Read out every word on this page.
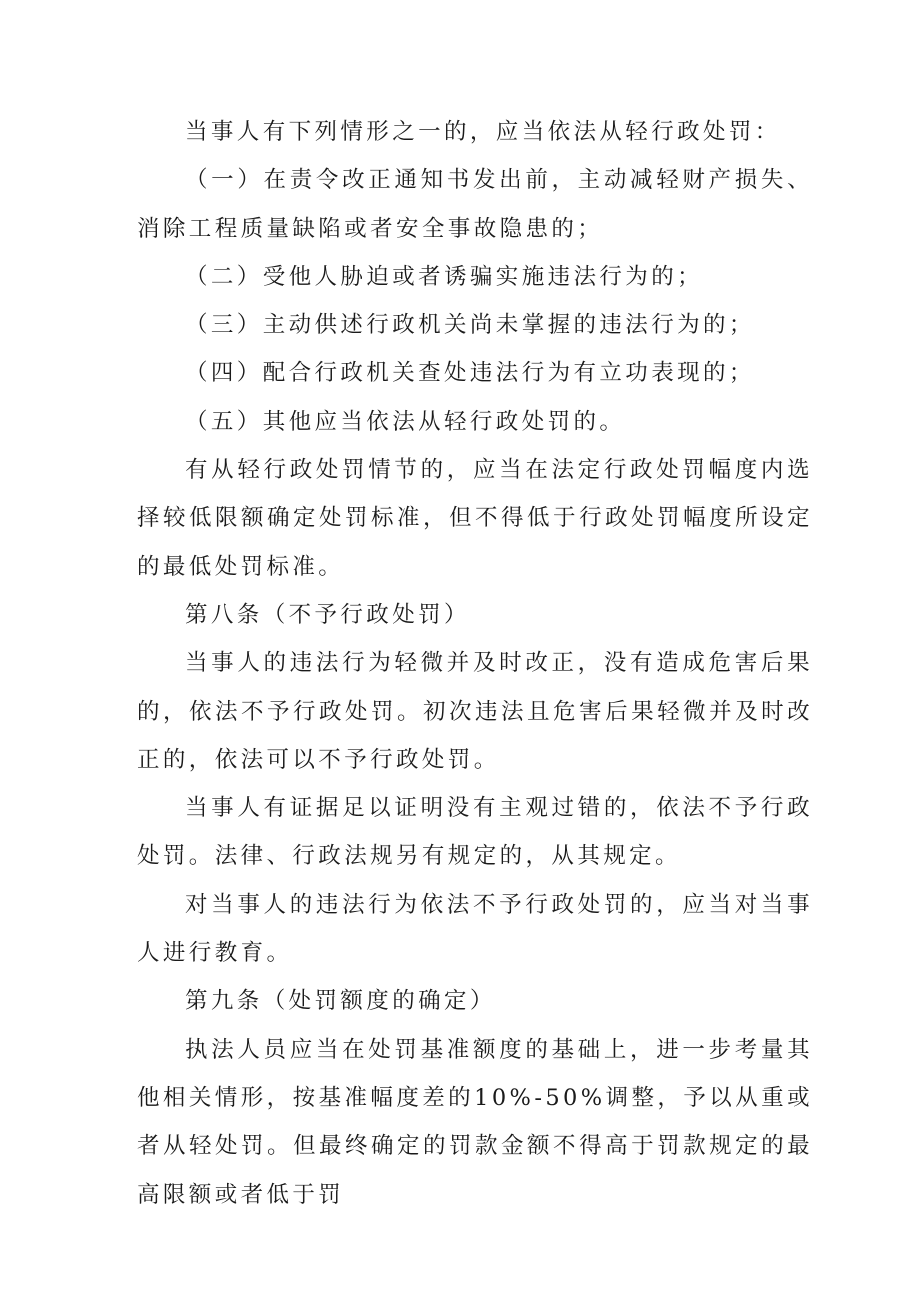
当事人有下列情形之一的，应当依法从轻行政处罚：

（一）在责令改正通知书发出前，主动减轻财产损失、消除工程质量缺陷或者安全事故隐患的；

（二）受他人胁迫或者诱骗实施违法行为的；

（三）主动供述行政机关尚未掌握的违法行为的；

（四）配合行政机关查处违法行为有立功表现的；

（五）其他应当依法从轻行政处罚的。

有从轻行政处罚情节的，应当在法定行政处罚幅度内选择较低限额确定处罚标准，但不得低于行政处罚幅度所设定的最低处罚标准。

第八条（不予行政处罚）

当事人的违法行为轻微并及时改正，没有造成危害后果的，依法不予行政处罚。初次违法且危害后果轻微并及时改正的，依法可以不予行政处罚。

当事人有证据足以证明没有主观过错的，依法不予行政处罚。法律、行政法规另有规定的，从其规定。

对当事人的违法行为依法不予行政处罚的，应当对当事人进行教育。

第九条（处罚额度的确定）

执法人员应当在处罚基准额度的基础上，进一步考量其他相关情形，按基准幅度差的10%-50%调整，予以从重或者从轻处罚。但最终确定的罚款金额不得高于罚款规定的最高限额或者低于罚
